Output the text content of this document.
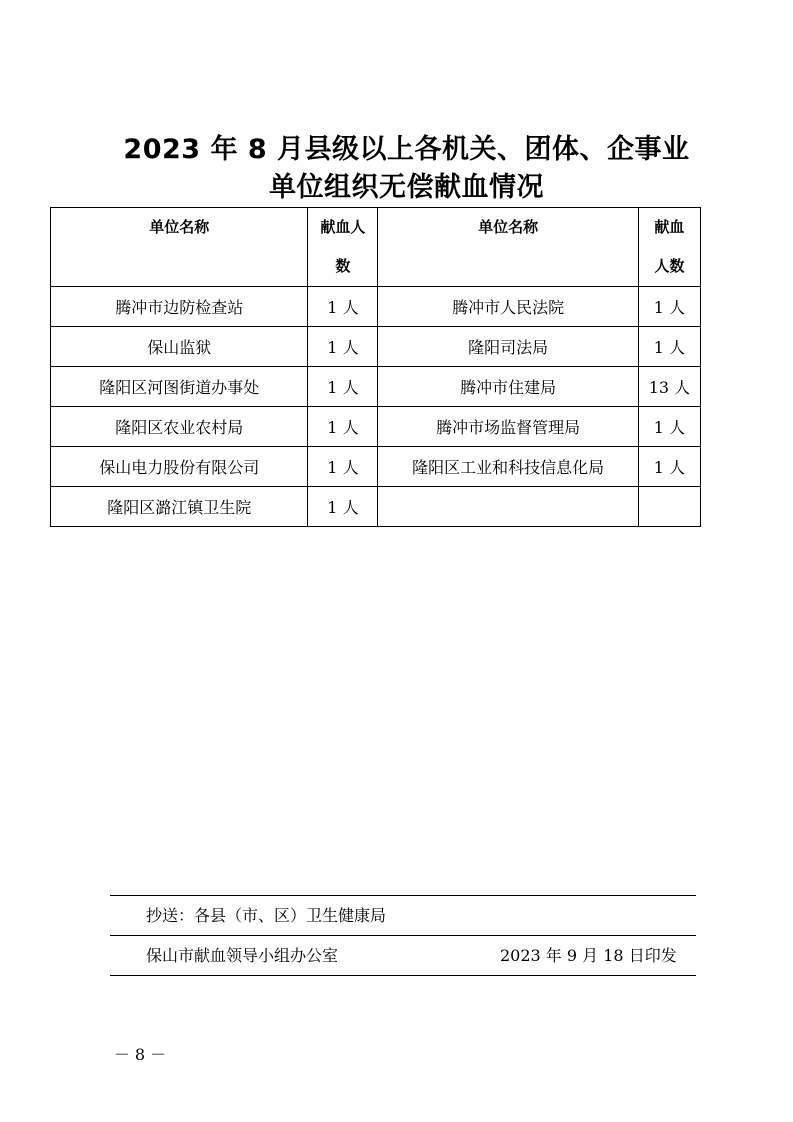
2023 年 8 月县级以上各机关、团体、企事业
单位组织无偿献血情况
单位名称	献血人数	单位名称	献血人数

腾冲市边防检查站	1 人	腾冲市人民法院	1 人
保山监狱	1 人	隆阳司法局	1 人
隆阳区河图街道办事处	1 人	腾冲市住建局	13 人
隆阳区农业农村局	1 人	腾冲市场监督管理局	1 人
保山电力股份有限公司	1 人	隆阳区工业和科技信息化局	1 人
隆阳区潞江镇卫生院	1 人		
抄送：各县（市、区）卫生健康局
保山市献血领导小组办公室	2023 年 9 月 18 日印发
－ 8 －
